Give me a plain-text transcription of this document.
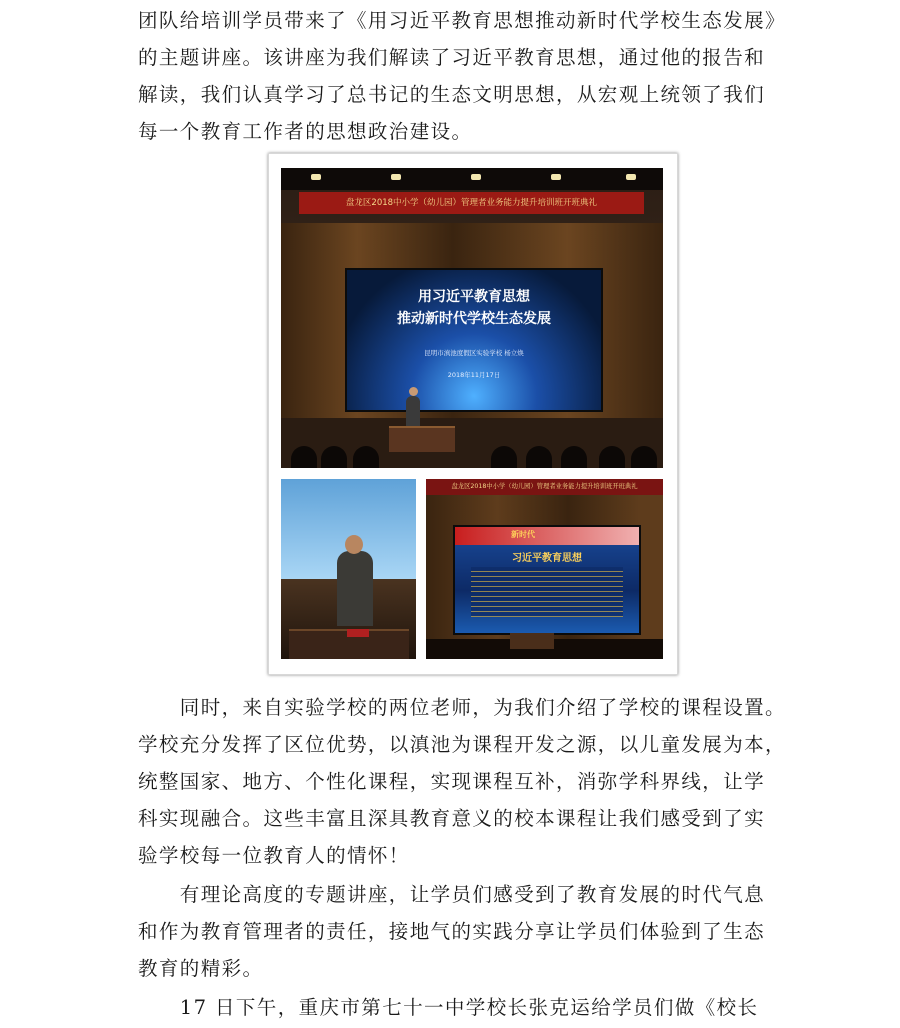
团队给培训学员带来了《用习近平教育思想推动新时代学校生态发展》
的主题讲座。该讲座为我们解读了习近平教育思想，通过他的报告和
解读，我们认真学习了总书记的生态文明思想，从宏观上统领了我们
每一个教育工作者的思想政治建设。
盘龙区2018中小学（幼儿园）管理者业务能力提升培训班开班典礼
用习近平教育思想
推动新时代学校生态发展
昆明市滇池度假区实验学校 杨立焕
2018年11月17日
盘龙区2018中小学（幼儿园）管理者业务能力提升培训班开班典礼
新时代
习近平教育思想
　　同时，来自实验学校的两位老师，为我们介绍了学校的课程设置。
学校充分发挥了区位优势，以滇池为课程开发之源，以儿童发展为本，
统整国家、地方、个性化课程，实现课程互补，消弥学科界线，让学
科实现融合。这些丰富且深具教育意义的校本课程让我们感受到了实
验学校每一位教育人的情怀！
　　有理论高度的专题讲座，让学员们感受到了教育发展的时代气息
和作为教育管理者的责任，接地气的实践分享让学员们体验到了生态
教育的精彩。
　　17 日下午，重庆市第七十一中学校长张克运给学员们做《校长
